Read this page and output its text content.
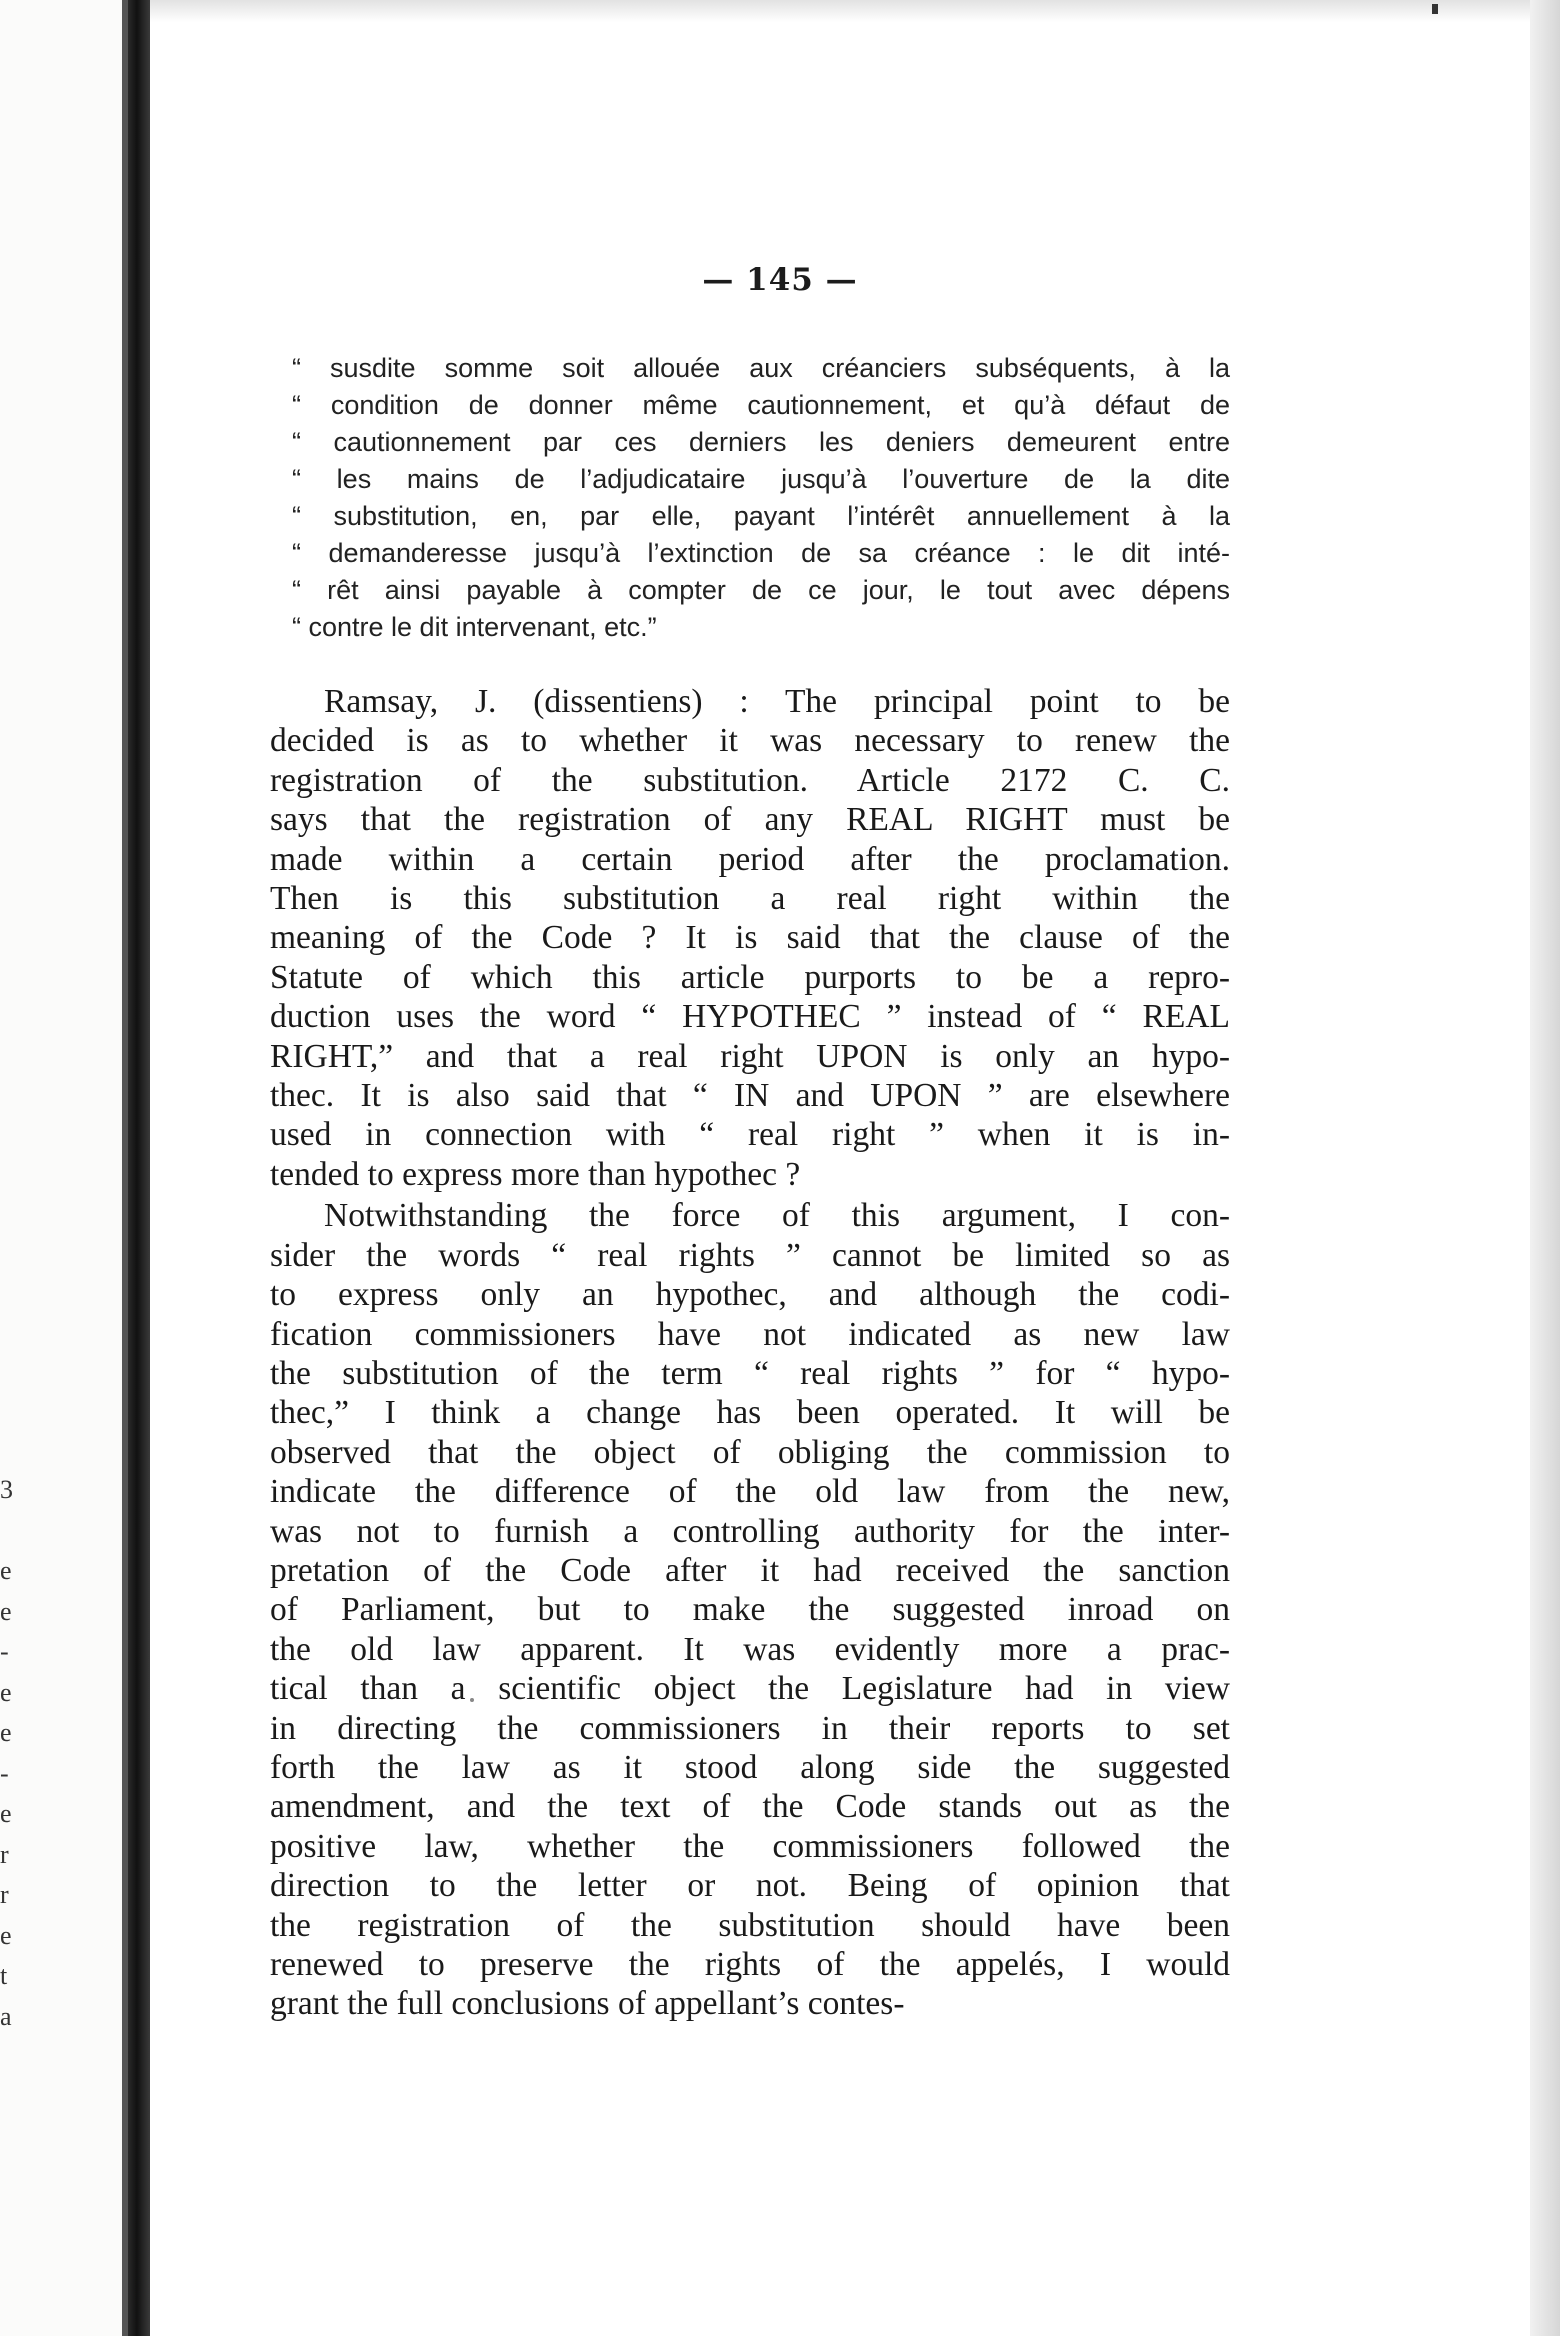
3
e
e
-
e
e
-
e
r
r
e
t
a
— 145 —
“ susdite somme soit allouée aux créanciers subséquents, à la
“ condition de donner même cautionnement, et qu’à défaut de
“ cautionnement par ces derniers les deniers demeurent entre
“ les mains de l’adjudicataire jusqu’à l’ouverture de la dite
“ substitution, en, par elle, payant l’intérêt annuellement à la
“ demanderesse jusqu’à l’extinction de sa créance : le dit inté-
“ rêt ainsi payable à compter de ce jour, le tout avec dépens
“ contre le dit intervenant, etc.”
Ramsay, J. (dissentiens) : The principal point to be
decided is as to whether it was necessary to renew the
registration of the substitution. Article 2172 C. C.
says that the registration of any REAL RIGHT must be
made within a certain period after the proclamation.
Then is this substitution a real right within the
meaning of the Code ? It is said that the clause of the
Statute of which this article purports to be a repro-
duction uses the word “ HYPOTHEC ” instead of “ REAL
RIGHT,” and that a real right UPON is only an hypo-
thec. It is also said that “ IN and UPON ” are elsewhere
used in connection with “ real right ” when it is in-
tended to express more than hypothec ?
Notwithstanding the force of this argument, I con-
sider the words “ real rights ” cannot be limited so as
to express only an hypothec, and although the codi-
fication commissioners have not indicated as new law
the substitution of the term “ real rights ” for “ hypo-
thec,” I think a change has been operated. It will be
observed that the object of obliging the commission to
indicate the difference of the old law from the new,
was not to furnish a controlling authority for the inter-
pretation of the Code after it had received the sanction
of Parliament, but to make the suggested inroad on
the old law apparent. It was evidently more a prac-
tical than a scientific object the Legislature had in view
in directing the commissioners in their reports to set
forth the law as it stood along side the suggested
amendment, and the text of the Code stands out as the
positive law, whether the commissioners followed the
direction to the letter or not. Being of opinion that
the registration of the substitution should have been
renewed to preserve the rights of the appelés, I would
grant the full conclusions of appellant’s contes-
